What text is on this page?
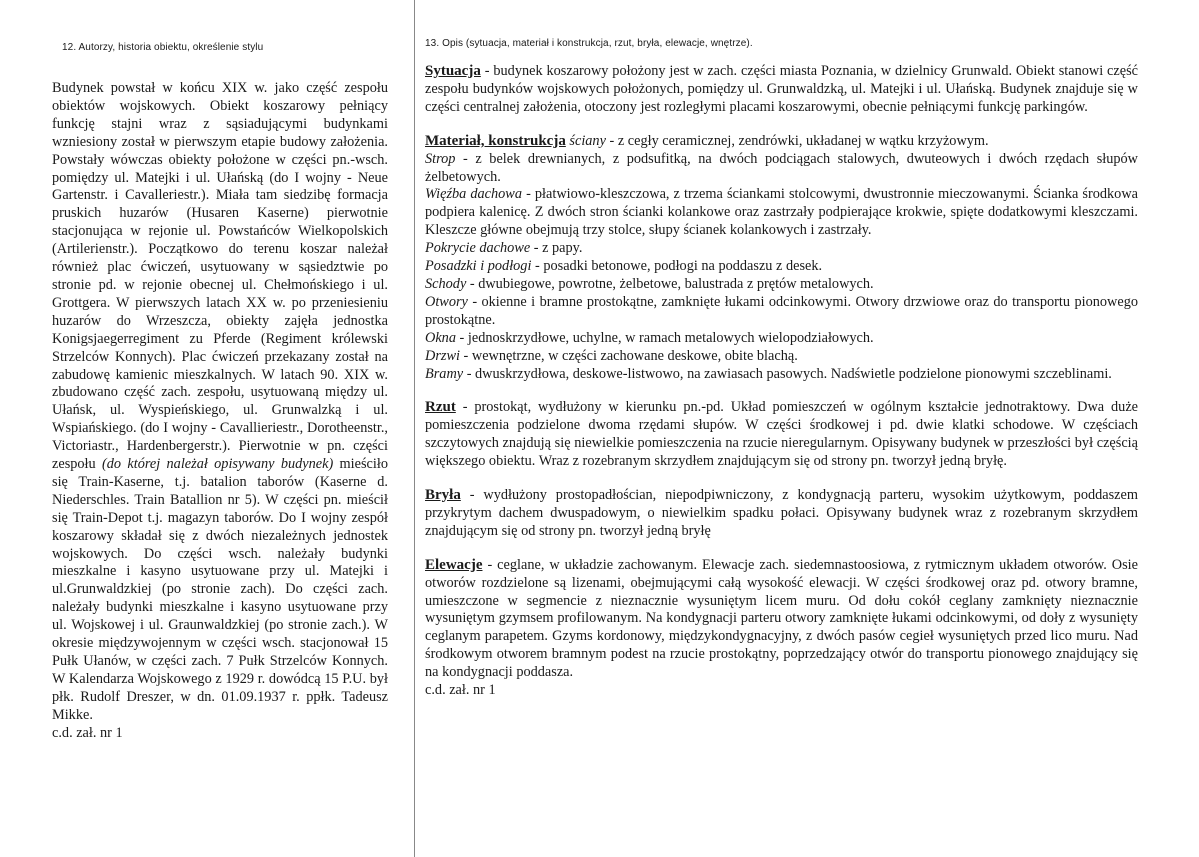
12. Autorzy, historia obiektu, określenie stylu	13. Opis (sytuacja, materiał i konstrukcja, rzut, bryła, elewacje, wnętrze).

Budynek powstał w końcu XIX w. jako część zespołu obiektów wojskowych. Obiekt koszarowy pełniący funkcję stajni wraz z sąsiadującymi budynkami wzniesiony został w pierwszym etapie budowy założenia. Powstały wówczas obiekty położone w części pn.-wsch. pomiędzy ul. Matejki i ul. Ułańską (do I wojny - Neue Gartenstr. i Cavalleriestr.). Miała tam siedzibę formacja pruskich huzarów (Husaren Kaserne) pierwotnie stacjonująca w rejonie ul. Powstańców Wielkopolskich (Artilerienstr.). Początkowo do terenu koszar należał również plac ćwiczeń, usytuowany w sąsiedztwie po stronie pd. w rejonie obecnej ul. Chełmońskiego i ul. Grottgera. W pierwszych latach XX w. po przeniesieniu huzarów do Wrzeszcza, obiekty zajęła jednostka Konigsjaegerregiment zu Pferde (Regiment królewski Strzelców Konnych). Plac ćwiczeń przekazany został na zabudowę kamienic mieszkalnych. W latach 90. XIX w. zbudowano część zach. zespołu, usytuowaną między ul. Ułańsk, ul. Wyspieńskiego, ul. Grunwalzką i ul. Wspiańskiego. (do I wojny - Cavallieriestr., Dorotheenstr., Victoriastr., Hardenbergerstr.). Pierwotnie w pn. części zespołu (do której należał opisywany budynek) mieściło się Train-Kaserne, t.j. batalion taborów (Kaserne d. Niederschles. Train Batallion nr 5). W części pn. mieścił się Train-Depot t.j. magazyn taborów. Do I wojny zespół koszarowy składał się z dwóch niezależnych jednostek wojskowych. Do części wsch. należały budynki mieszkalne i kasyno usytuowane przy ul. Matejki i ul.Grunwaldzkiej (po stronie zach). Do części zach. należały budynki mieszkalne i kasyno usytuowane przy ul. Wojskowej i ul. Graunwaldzkiej (po stronie zach.). W okresie międzywojennym w części wsch. stacjonował 15 Pułk Ułanów, w części zach. 7 Pułk Strzelców Konnych. W Kalendarza Wojskowego z 1929 r. dowódcą 15 P.U. był płk. Rudolf Dreszer, w dn. 01.09.1937 r. ppłk. Tadeusz Mikke.

c.d. zał. nr 1
Sytuacja - budynek koszarowy położony jest w zach. części miasta Poznania, w dzielnicy Grunwald. Obiekt stanowi część zespołu budynków wojskowych położonych, pomiędzy ul. Grunwaldzką, ul. Matejki i ul. Ułańską. Budynek znajduje się w części centralnej założenia, otoczony jest rozległymi placami koszarowymi, obecnie pełniącymi funkcję parkingów.
Materiał, konstrukcja ściany - z cegły ceramicznej, zendrówki, układanej w wątku krzyżowym.
Strop - z belek drewnianych, z podsufitką, na dwóch podciągach stalowych, dwuteowych i dwóch rzędach słupów żelbetowych.
Więźba dachowa - płatwiowo-kleszczowa, z trzema ściankami stolcowymi, dwustronnie mieczowanymi. Ścianka środkowa podpiera kalenicę. Z dwóch stron ścianki kolankowe oraz zastrzały podpierające krokwie, spięte dodatkowymi kleszczami. Kleszcze główne obejmują trzy stolce, słupy ścianek kolankowych i zastrzały.
Pokrycie dachowe - z papy.
Posadzki i podłogi - posadki betonowe, podłogi na poddaszu z desek.
Schody - dwubiegowe, powrotne, żelbetowe, balustrada z prętów metalowych.
Otwory - okienne i bramne prostokątne, zamknięte łukami odcinkowymi. Otwory drzwiowe oraz do transportu pionowego prostokątne.
Okna - jednoskrzydłowe, uchylne, w ramach metalowych wielopodziałowych.
Drzwi - wewnętrzne, w części zachowane deskowe, obite blachą.
Bramy - dwuskrzydłowa, deskowe-listwowo, na zawiasach pasowych. Nadświetle podzielone pionowymi szczeblinami.
Rzut - prostokąt, wydłużony w kierunku pn.-pd. Układ pomieszczeń w ogólnym kształcie jednotraktowy. Dwa duże pomieszczenia podzielone dwoma rzędami słupów. W części środkowej i pd. dwie klatki schodowe. W częściach szczytowych znajdują się niewielkie pomieszczenia na rzucie nieregularnym. Opisywany budynek w przeszłości był częścią większego obiektu. Wraz z rozebranym skrzydłem znajdującym się od strony pn. tworzył jedną bryłę.
Bryła - wydłużony prostopadłościan, niepodpiwniczony, z kondygnacją parteru, wysokim użytkowym, poddaszem przykrytym dachem dwuspadowym, o niewielkim spadku połaci. Opisywany budynek wraz z rozebranym skrzydłem znajdującym się od strony pn. tworzył jedną bryłę
Elewacje - ceglane, w układzie zachowanym. Elewacje zach. siedemnastoosiowa, z rytmicznym układem otworów. Osie otworów rozdzielone są lizenami, obejmującymi całą wysokość elewacji. W części środkowej oraz pd. otwory bramne, umieszczone w segmencie z nieznacznie wysuniętym licem muru. Od dołu cokół ceglany zamknięty nieznacznie wysuniętym gzymsem profilowanym. Na kondygnacji parteru otwory zamknięte łukami odcinkowymi, od doły z wysunięty ceglanym parapetem. Gzyms kordonowy, międzykondygnacyjny, z dwóch pasów cegieł wysuniętych przed lico muru. Nad środkowym otworem bramnym podest na rzucie prostokątny, poprzedzający otwór do transportu pionowego znajdujący się na kondygnacji poddasza.
c.d. zał. nr 1
